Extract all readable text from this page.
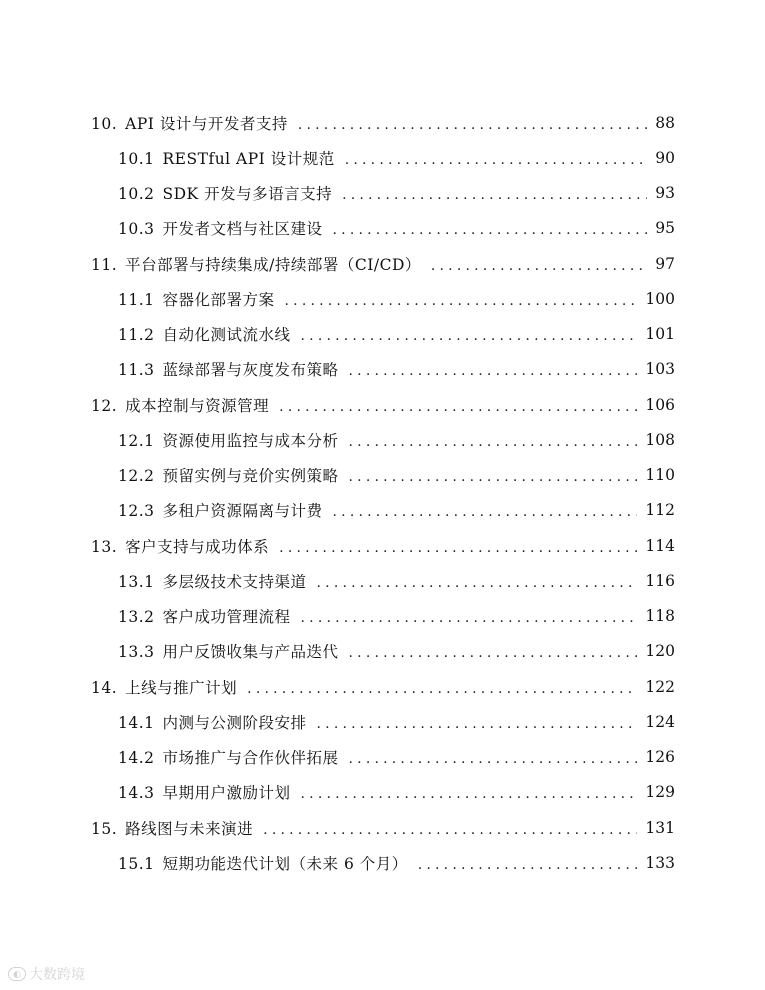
10. API 设计与开发者支持 .....	88
10.1 RESTful API 设计规范 .....	90
10.2 SDK 开发与多语言支持 .....	93
10.3 开发者文档与社区建设 .....	95
11. 平台部署与持续集成/持续部署（CI/CD） .....	97
11.1 容器化部署方案 .....	100
11.2 自动化测试流水线 .....	101
11.3 蓝绿部署与灰度发布策略 .....	103
12. 成本控制与资源管理 .....	106
12.1 资源使用监控与成本分析 .....	108
12.2 预留实例与竞价实例策略 .....	110
12.3 多租户资源隔离与计费 .....	112
13. 客户支持与成功体系 .....	114
13.1 多层级技术支持渠道 .....	116
13.2 客户成功管理流程 .....	118
13.3 用户反馈收集与产品迭代 .....	120
14. 上线与推广计划 .....	122
14.1 内测与公测阶段安排 .....	124
14.2 市场推广与合作伙伴拓展 .....	126
14.3 早期用户激励计划 .....	129
15. 路线图与未来演进 .....	131
15.1 短期功能迭代计划（未来 6 个月） .....	133
◐ 大数跨境
